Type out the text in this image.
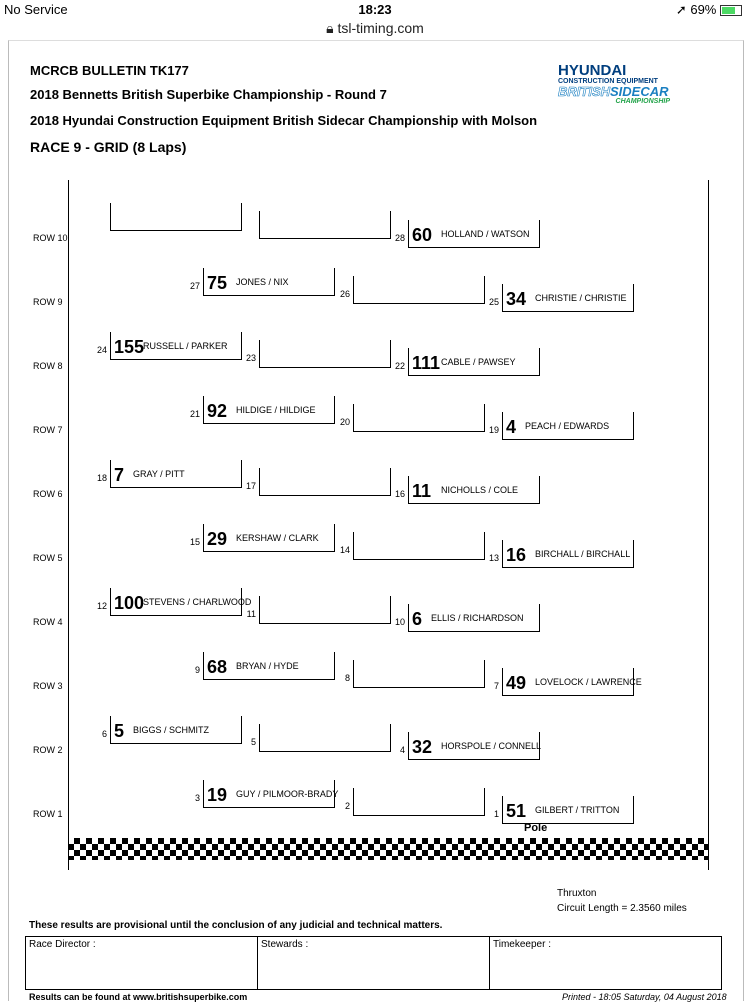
No Service	18:23	➚ 69%
🔒︎ tsl-timing.com
MCRCB BULLETIN TK177
2018 Bennetts British Superbike Championship - Round 7
2018 Hyundai Construction Equipment British Sidecar Championship with Molson
RACE 9 - GRID (8 Laps)
HYUNDAI
CONSTRUCTION EQUIPMENT
BRITISHSIDECAR
CHAMPIONSHIP
ROW 10
ROW 9
ROW 8
ROW 7
ROW 6
ROW 5
ROW 4
ROW 3
ROW 2
ROW 1
28 60 HOLLAND / WATSON
27 75 JONES / NIX
26
25 34 CHRISTIE / CHRISTIE
24 155
RUSSELL / PARKER
23
22 111 CABLE / PAWSEY
21 92 HILDIGE / HILDIGE
20
19 4 PEACH / EDWARDS
18 7 GRAY / PITT
17
16 11 NICHOLLS / COLE
15 29 KERSHAW / CLARK
14
13 16 BIRCHALL / BIRCHALL
12 100
STEVENS / CHARLWOOD
11
10 6 ELLIS / RICHARDSON
9 68 BRYAN / HYDE
8
7 49 LOVELOCK / LAWRENCE
6 5 BIGGS / SCHMITZ
5
4 32 HORSPOLE / CONNELL
3 19 GUY / PILMOOR-BRADY
2
1 51 GILBERT / TRITTON
Pole
Thruxton
Circuit Length = 2.3560 miles
These results are provisional until the conclusion of any judicial and technical matters.
Race Director :	Stewards :	Timekeeper :
Results can be found at www.britishsuperbike.com	Printed - 18:05 Saturday, 04 August 2018
